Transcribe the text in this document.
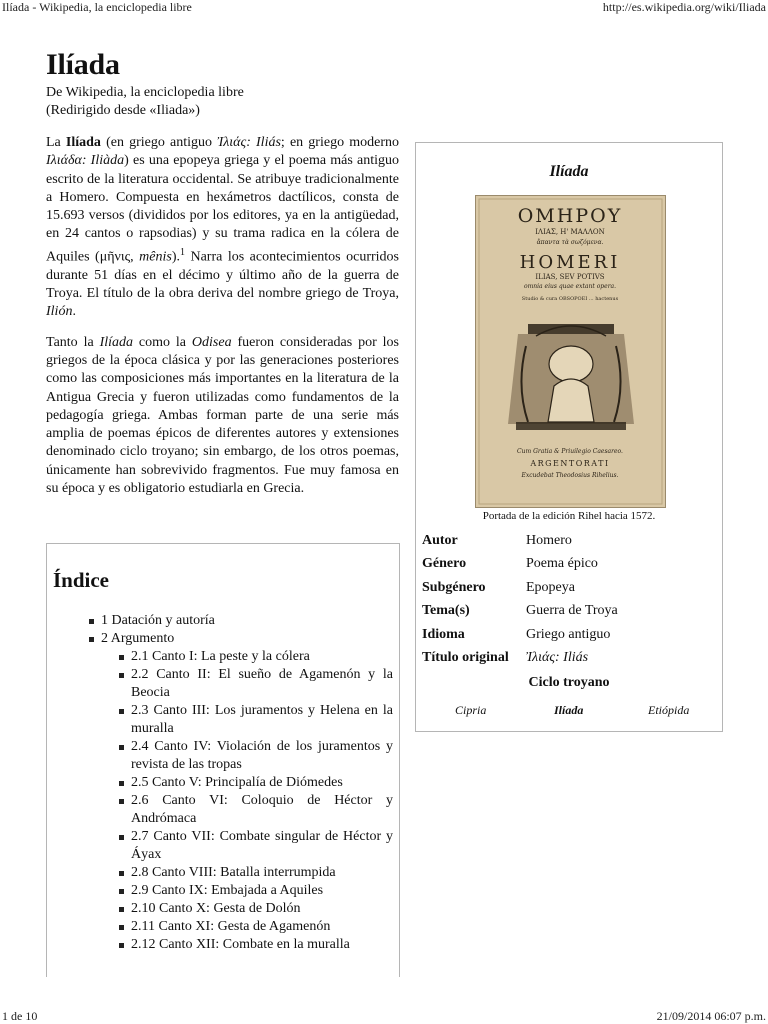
Ilíada - Wikipedia, la enciclopedia libre	http://es.wikipedia.org/wiki/Iliada
Ilíada
De Wikipedia, la enciclopedia libre
(Redirigido desde «Iliada»)

La Ilíada (en griego antiguo Ἰλιάς: Iliás; en griego moderno Ιλιάδα: Iliàda) es una epopeya griega y el poema más antiguo escrito de la literatura occidental. Se atribuye tradicionalmente a Homero. Compuesta en hexámetros dactílicos, consta de 15.693 versos (divididos por los editores, ya en la antigüedad, en 24 cantos o rapsodias) y su trama radica en la cólera de Aquiles (μῆνις, mênis).$^1$ Narra los acontecimientos ocurridos durante 51 días en el décimo y último año de la guerra de Troya. El título de la obra deriva del nombre griego de Troya, Ilión.

Tanto la Ilíada como la Odisea fueron consideradas por los griegos de la época clásica y por las generaciones posteriores como las composiciones más importantes en la literatura de la Antigua Grecia y fueron utilizadas como fundamentos de la pedagogía griega. Ambas forman parte de una serie más amplia de poemas épicos de diferentes autores y extensiones denominado ciclo troyano; sin embargo, de los otros poemas, únicamente han sobrevivido fragmentos. Fue muy famosa en su época y es obligatorio estudiarla en Grecia.

Índice
1 Datación y autoría
2 Argumento
2.1 Canto I: La peste y la cólera
2.2 Canto II: El sueño de Agamenón y la Beocia
2.3 Canto III: Los juramentos y Helena en la muralla
2.4 Canto IV: Violación de los juramentos y revista de las tropas
2.5 Canto V: Principalía de Diómedes
2.6 Canto VI: Coloquio de Héctor y Andrómaca
2.7 Canto VII: Combate singular de Héctor y Áyax
2.8 Canto VIII: Batalla interrumpida
2.9 Canto IX: Embajada a Aquiles
2.10 Canto X: Gesta de Dolón
2.11 Canto XI: Gesta de Agamenón
2.12 Canto XII: Combate en la muralla
Ilíada
ΟΜΗΡΟΥ
ΙΛΙΑΣ, Η' ΜΑΛΛΟΝ
ἅπαντα τὰ σωζόμενα.
HOMERI
ILIAS, SEV POTIVS
omnia eius quae extant opera.
Studio & cura OBSOPOEI ... hactenus
Cum Gratia & Priuilegio Caesareo.
ARGENTORATI
Excudebat Theodosius Rihelius.
Portada de la edición Rihel hacia 1572.
Autor	Homero
Género	Poema épico
Subgénero	Epopeya
Tema(s)	Guerra de Troya
Idioma	Griego antiguo
Título original	Ἰλιάς: Iliás
Ciclo troyano
Cipria	Ilíada	Etiópida
1 de 10	21/09/2014 06:07 p.m.
